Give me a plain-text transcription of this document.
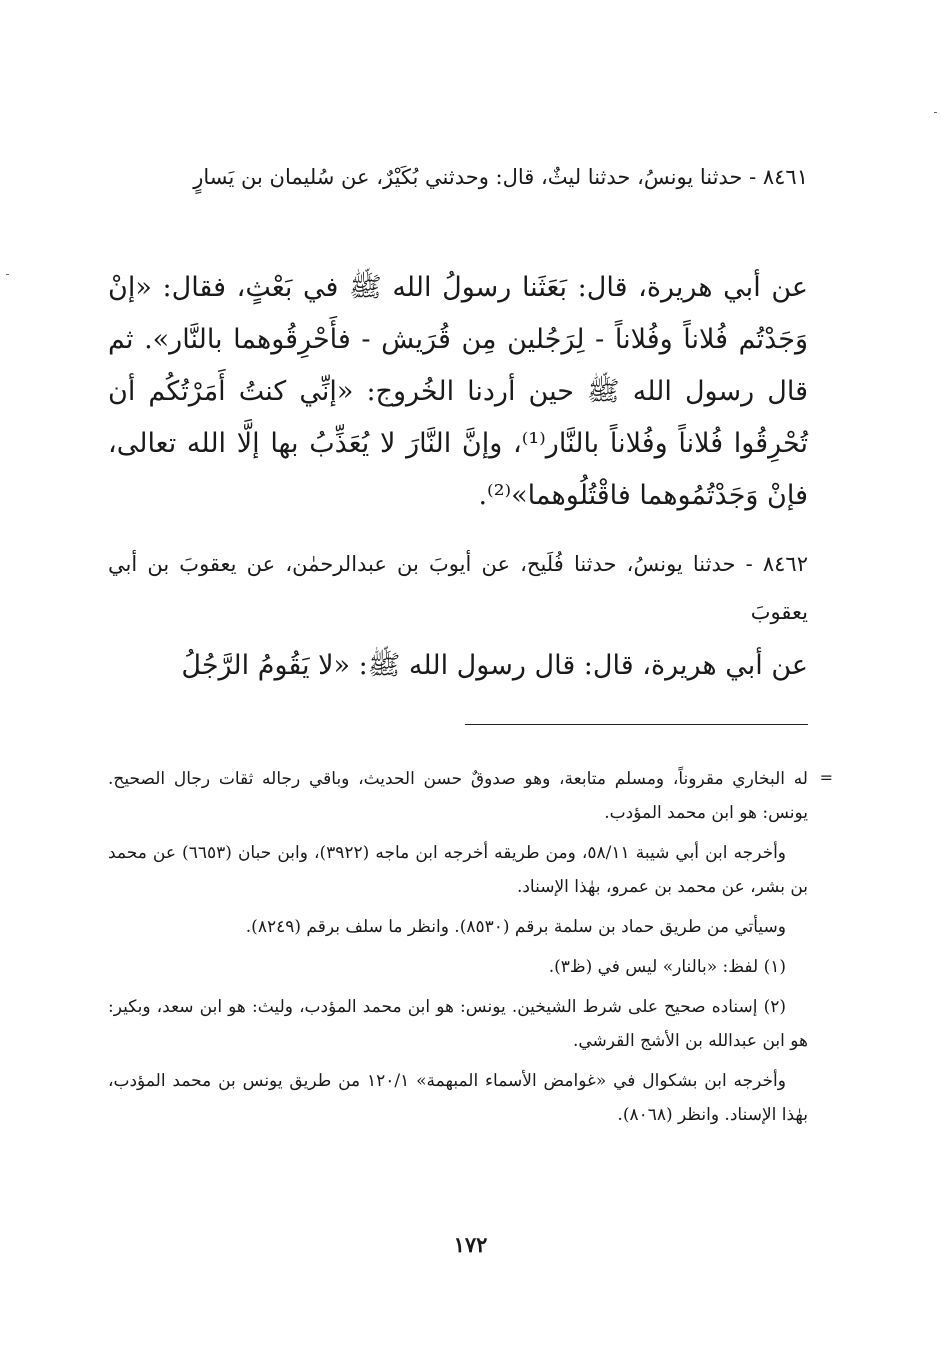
٨٤٦١ - حدثنا يونسُ، حدثنا ليثٌ، قال: وحدثني بُكَيْرٌ، عن سُليمان بن يَسارٍ
عن أبي هريرة، قال: بَعَثَنا رسولُ الله ﷺ في بَعْثٍ، فقال: «إنْ وَجَدْتُم فُلاناً وفُلاناً - لِرَجُلين مِن قُرَيش - فأَحْرِقُوهما بالنَّار». ثم قال رسول الله ﷺ حين أردنا الخُروج: «إنِّي كنتُ أَمَرْتُكُم أن تُحْرِقُوا فُلاناً وفُلاناً بالنَّار⁽¹⁾، وإنَّ النَّارَ لا يُعَذِّبُ بها إلَّا الله تعالى، فإنْ وَجَدْتُمُوهما فاقْتُلُوهما»⁽²⁾.
٨٤٦٢ - حدثنا يونسُ، حدثنا فُلَيح، عن أيوبَ بن عبدالرحمٰن، عن يعقوبَ بن أبي يعقوبَ
عن أبي هريرة، قال: قال رسول الله ﷺ: «لا يَقُومُ الرَّجُلُ
=

له البخاري مقروناً، ومسلم متابعة، وهو صدوقٌ حسن الحديث، وباقي رجاله ثقات رجال الصحيح. يونس: هو ابن محمد المؤدب.

وأخرجه ابن أبي شيبة ٥٨/١١، ومن طريقه أخرجه ابن ماجه (٣٩٢٢)، وابن حبان (٦٦٥٣) عن محمد بن بشر، عن محمد بن عمرو، بهٰذا الإسناد.

وسيأتي من طريق حماد بن سلمة برقم (٨٥٣٠). وانظر ما سلف برقم (٨٢٤٩).

(١) لفظ: «بالنار» ليس في (ظ٣).

(٢) إسناده صحيح على شرط الشيخين. يونس: هو ابن محمد المؤدب، وليث: هو ابن سعد، وبكير: هو ابن عبدالله بن الأشج القرشي.

وأخرجه ابن بشكوال في «غوامض الأسماء المبهمة» ١٢٠/١ من طريق يونس بن محمد المؤدب، بهٰذا الإسناد. وانظر (٨٠٦٨).

١٧٢
